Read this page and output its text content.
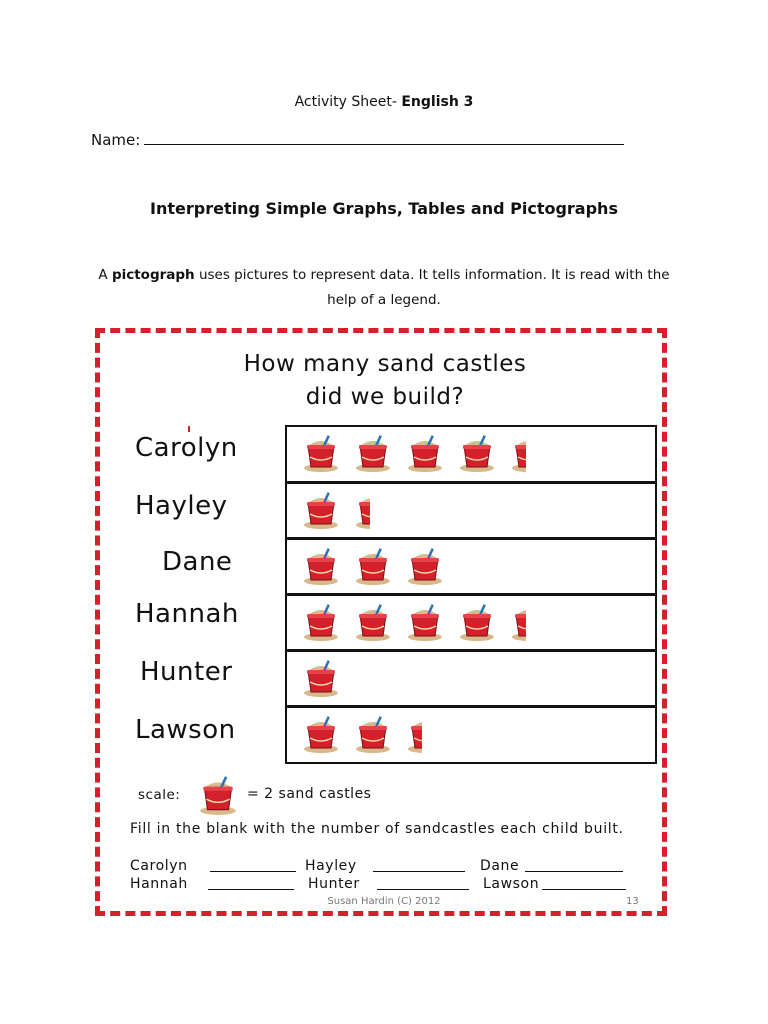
Activity Sheet- English 3
Name:
Interpreting Simple Graphs, Tables and Pictographs
A pictograph uses pictures to represent data. It tells information. It is read with the help of a legend.
How many sand castles
did we build?
Carolyn
Hayley
Dane
Hannah
Hunter
Lawson
scale:	= 2 sand castles
Fill in the blank with the number of sandcastles each child built.
Carolyn	Hayley	Dane
Hannah	Hunter	Lawson
Susan Hardin (C) 2012	13
